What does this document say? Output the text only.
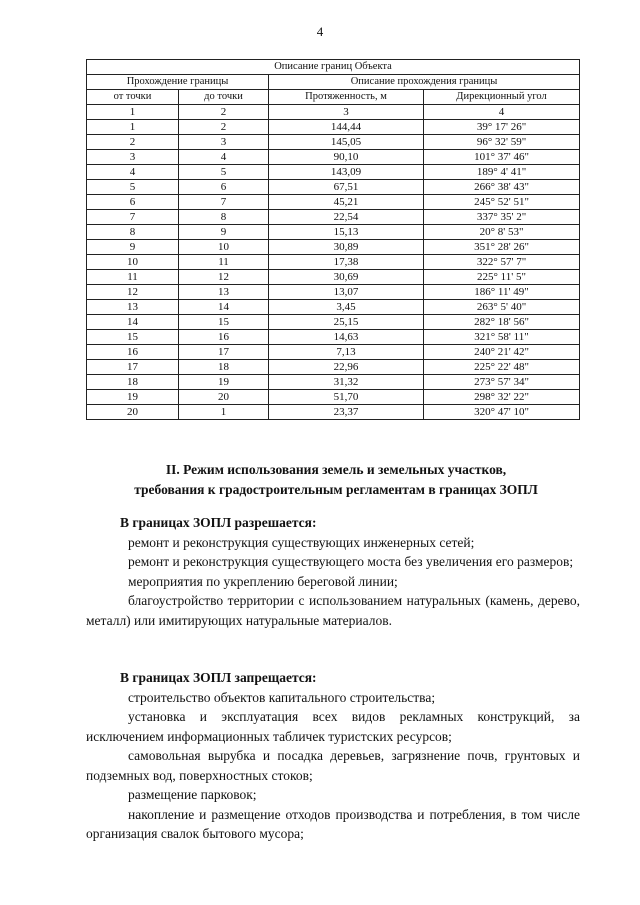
4
Описание границ Объекта			
Прохождение границы		Описание прохождения границы	
от точки	до точки	Протяженность, м	Дирекционный угол
1	2	3	4
1	2	144,44	39° 17' 26"
2	3	145,05	96° 32' 59"
3	4	90,10	101° 37' 46"
4	5	143,09	189° 4' 41"
5	6	67,51	266° 38' 43"
6	7	45,21	245° 52' 51"
7	8	22,54	337° 35' 2"
8	9	15,13	20° 8' 53"
9	10	30,89	351° 28' 26"
10	11	17,38	322° 57' 7"
11	12	30,69	225° 11' 5"
12	13	13,07	186° 11' 49"
13	14	3,45	263° 5' 40"
14	15	25,15	282° 18' 56"
15	16	14,63	321° 58' 11"
16	17	7,13	240° 21' 42"
17	18	22,96	225° 22' 48"
18	19	31,32	273° 57' 34"
19	20	51,70	298° 32' 22"
20	1	23,37	320° 47' 10"
II. Режим использования земель и земельных участков,
требования к градостроительным регламентам в границах ЗОПЛ

В границах ЗОПЛ разрешается:

ремонт и реконструкция существующих инженерных сетей;

ремонт и реконструкция существующего моста без увеличения его размеров;

мероприятия по укреплению береговой линии;

благоустройство территории с использованием натуральных (камень, дерево, металл) или имитирующих натуральные материалов.

В границах ЗОПЛ запрещается:

строительство объектов капитального строительства;

установка и эксплуатация всех видов рекламных конструкций, за исключением информационных табличек туристских ресурсов;

самовольная вырубка и посадка деревьев, загрязнение почв, грунтовых и подземных вод, поверхностных стоков;

размещение парковок;

накопление и размещение отходов производства и потребления, в том числе организация свалок бытового мусора;
